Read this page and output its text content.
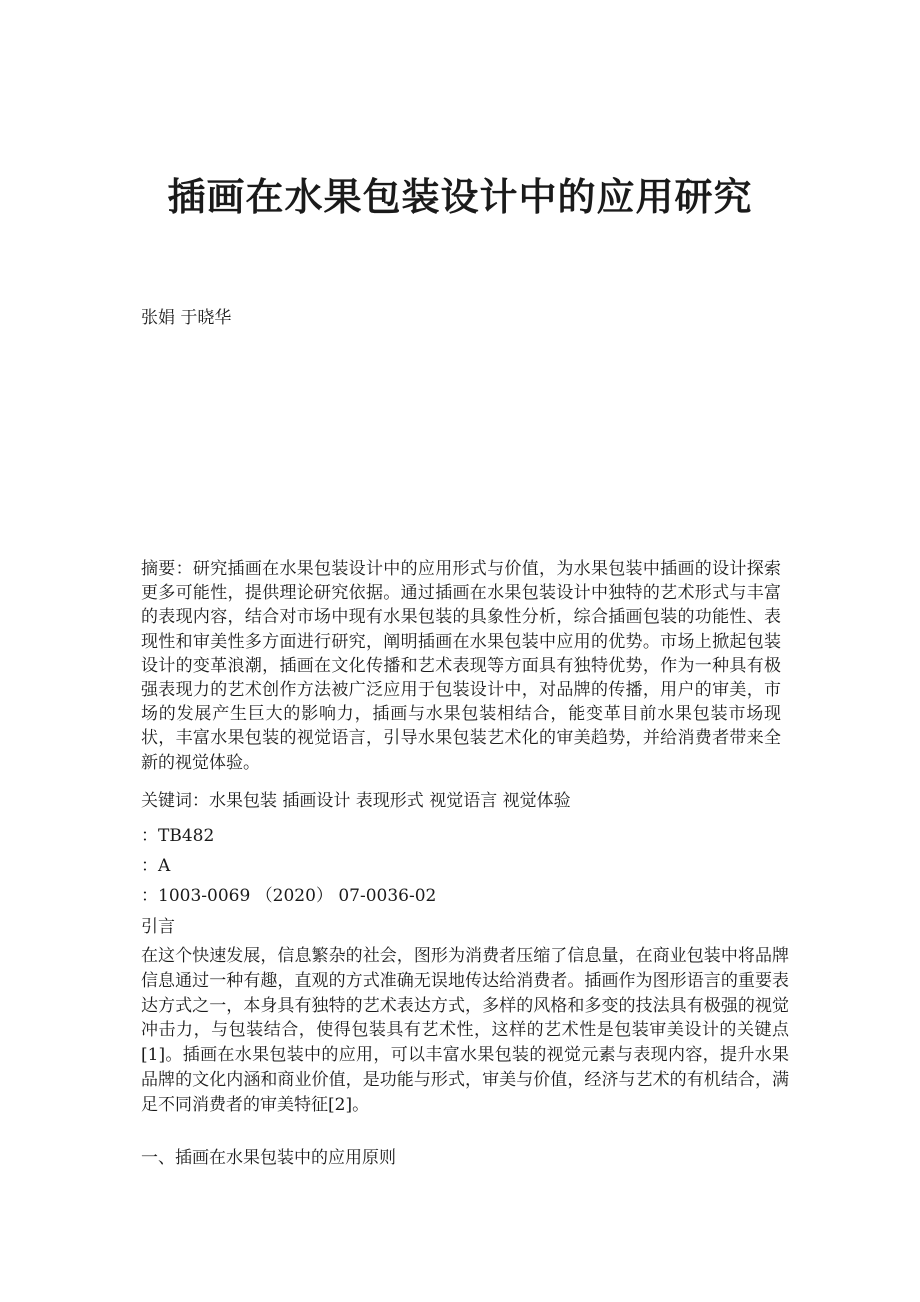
插画在水果包装设计中的应用研究

张娟 于晓华

摘要：研究插画在水果包装设计中的应用形式与价值，为水果包装中插画的设计探索更多可能性，提供理论研究依据。通过插画在水果包装设计中独特的艺术形式与丰富的表现内容，结合对市场中现有水果包装的具象性分析，综合插画包装的功能性、表现性和审美性多方面进行研究，阐明插画在水果包装中应用的优势。市场上掀起包装设计的变革浪潮，插画在文化传播和艺术表现等方面具有独特优势，作为一种具有极强表现力的艺术创作方法被广泛应用于包装设计中，对品牌的传播，用户的审美，市场的发展产生巨大的影响力，插画与水果包装相结合，能变革目前水果包装市场现状，丰富水果包装的视觉语言，引导水果包装艺术化的审美趋势，并给消费者带来全新的视觉体验。

关键词：水果包装 插画设计 表现形式 视觉语言 视觉体验

：TB482

：A

：1003-0069 （2020） 07-0036-02

引言

在这个快速发展，信息繁杂的社会，图形为消费者压缩了信息量，在商业包装中将品牌信息通过一种有趣，直观的方式准确无误地传达给消费者。插画作为图形语言的重要表达方式之一，本身具有独特的艺术表达方式，多样的风格和多变的技法具有极强的视觉冲击力，与包装结合，使得包装具有艺术性，这样的艺术性是包装审美设计的关键点[1]。插画在水果包装中的应用，可以丰富水果包装的视觉元素与表现内容，提升水果品牌的文化内涵和商业价值，是功能与形式，审美与价值，经济与艺术的有机结合，满足不同消费者的审美特征[2]。

一、插画在水果包装中的应用原则
